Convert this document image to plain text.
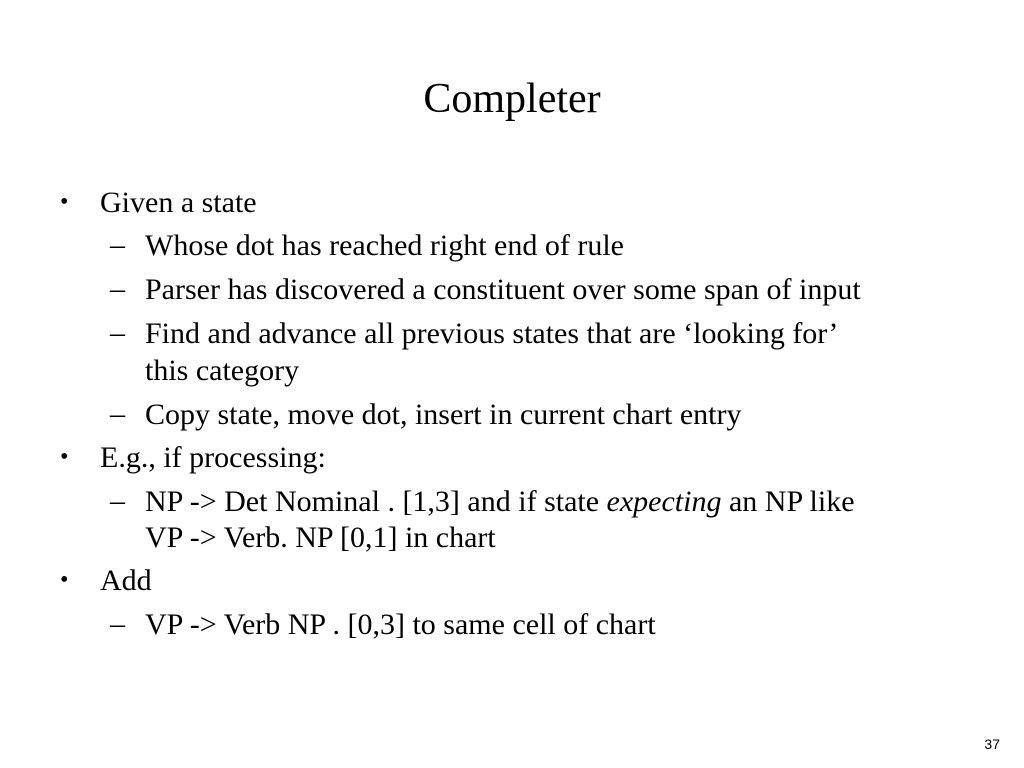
Completer
• Given a state
– Whose dot has reached right end of rule
– Parser has discovered a constituent over some span of input
– Find and advance all previous states that are ‘looking for’
this category
– Copy state, move dot, insert in current chart entry
• E.g., if processing:
– NP -> Det Nominal . [1,3] and if state expecting an NP like
VP -> Verb. NP [0,1] in chart
• Add
– VP -> Verb NP . [0,3] to same cell of chart
37
